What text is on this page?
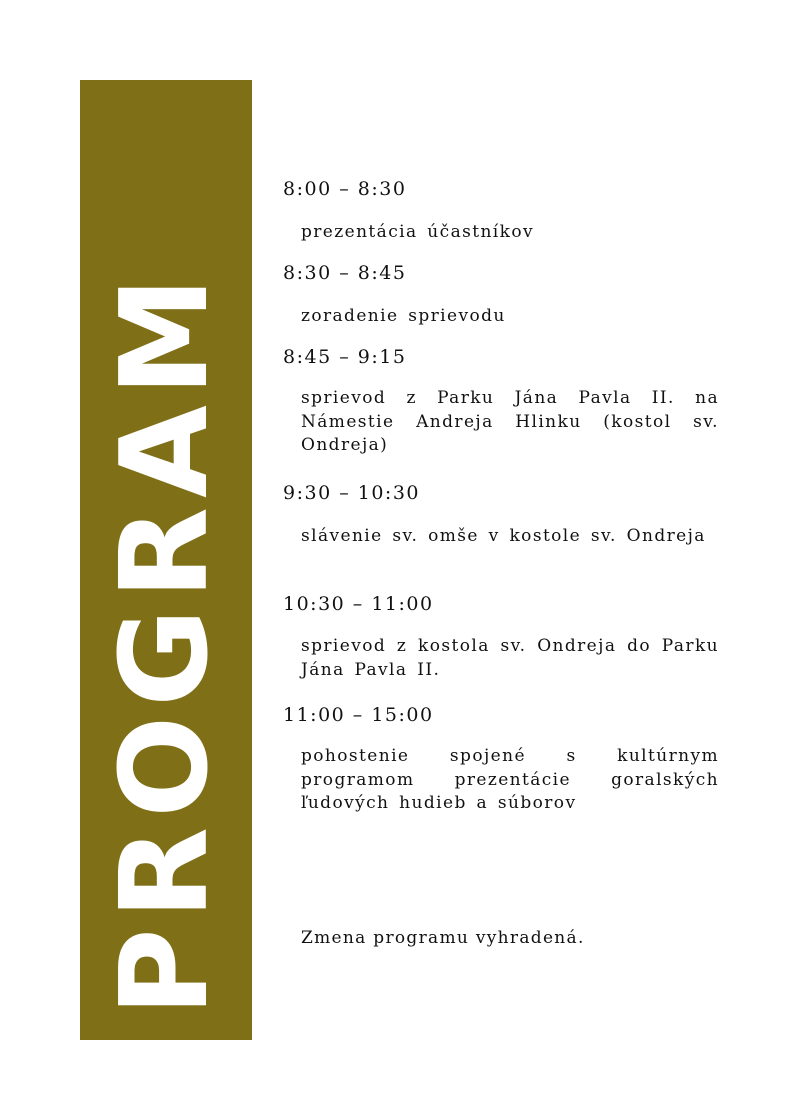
PROGRAM
8:00 – 8:30
prezentácia účastníkov
8:30 – 8:45
zoradenie sprievodu
8:45 – 9:15
sprievod z Parku Jána Pavla II. na Námestie Andreja Hlinku (kostol sv. Ondreja)
9:30 – 10:30
slávenie sv. omše v kostole sv. Ondreja
10:30 – 11:00
sprievod z kostola sv. Ondreja do Parku Jána Pavla II.
11:00 – 15:00
pohostenie spojené s kultúrnym programom prezentácie goralských ľudových hudieb a súborov
Zmena programu vyhradená.
